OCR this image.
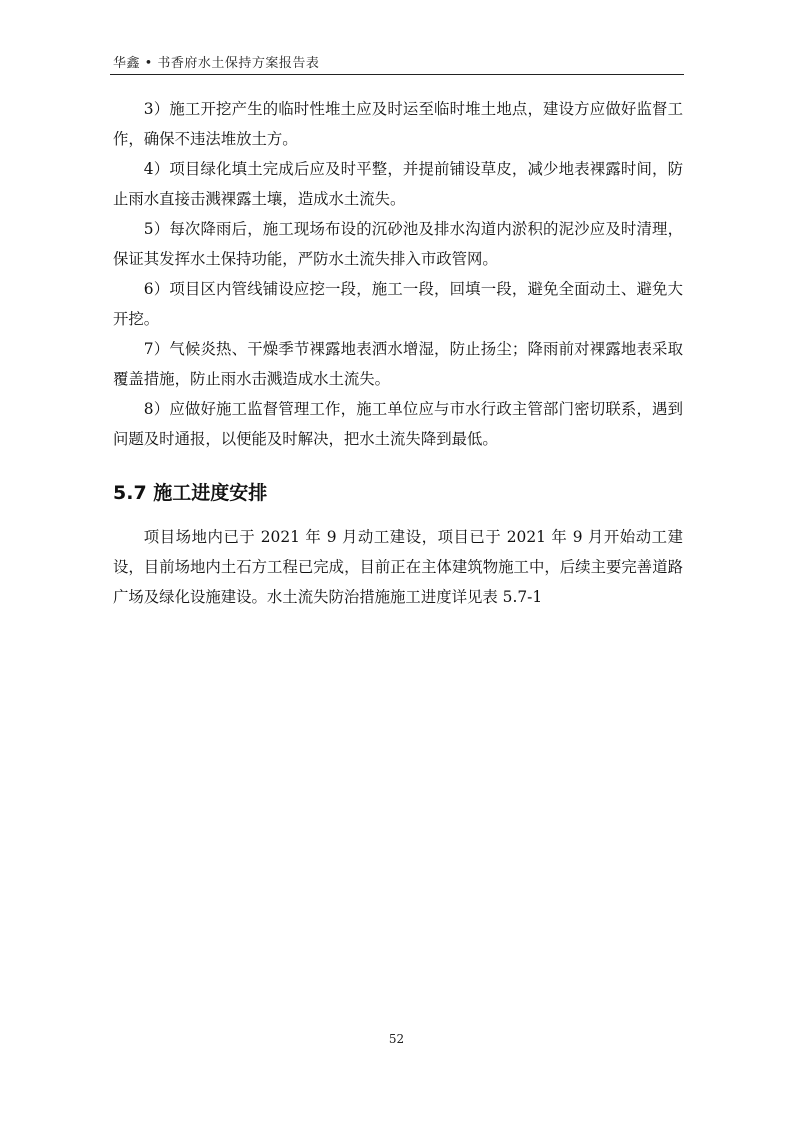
华鑫 • 书香府水土保持方案报告表

3）施工开挖产生的临时性堆土应及时运至临时堆土地点，建设方应做好监督工作，确保不违法堆放土方。

4）项目绿化填土完成后应及时平整，并提前铺设草皮，减少地表裸露时间，防止雨水直接击溅裸露土壤，造成水土流失。

5）每次降雨后，施工现场布设的沉砂池及排水沟道内淤积的泥沙应及时清理，保证其发挥水土保持功能，严防水土流失排入市政管网。

6）项目区内管线铺设应挖一段，施工一段，回填一段，避免全面动土、避免大开挖。

7）气候炎热、干燥季节裸露地表洒水增湿，防止扬尘；降雨前对裸露地表采取覆盖措施，防止雨水击溅造成水土流失。

8）应做好施工监督管理工作，施工单位应与市水行政主管部门密切联系，遇到问题及时通报，以便能及时解决，把水土流失降到最低。

5.7 施工进度安排

项目场地内已于 2021 年 9 月动工建设，项目已于 2021 年 9 月开始动工建设，目前场地内土石方工程已完成，目前正在主体建筑物施工中，后续主要完善道路广场及绿化设施建设。水土流失防治措施施工进度详见表 5.7-1

52
